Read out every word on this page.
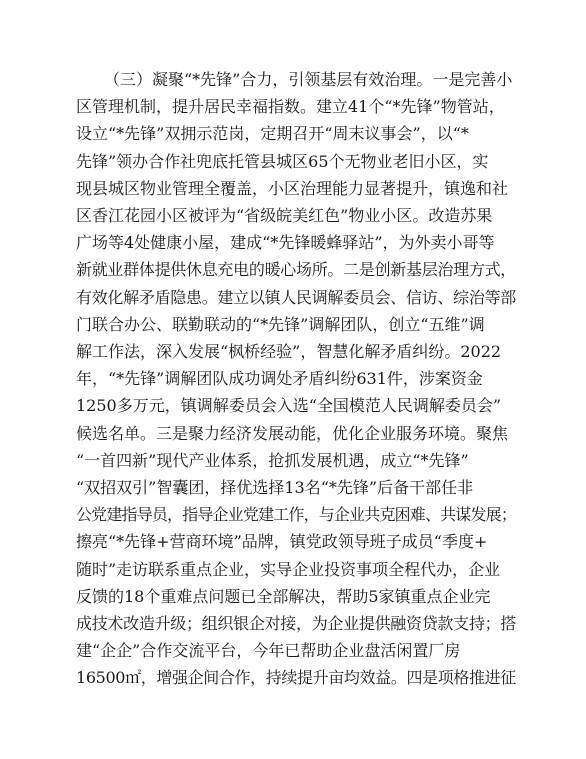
（三）凝聚“*先锋”合力，引领基层有效治理。一是完善小
区管理机制，提升居民幸福指数。建立41个“*先锋”物管站，
设立“*先锋”双拥示范岗，定期召开“周末议事会”，以“*
先锋”领办合作社兜底托管县城区65个无物业老旧小区，实
现县城区物业管理全覆盖，小区治理能力显著提升，镇逸和社
区香江花园小区被评为“省级皖美红色”物业小区。改造苏果
广场等4处健康小屋，建成“*先锋暖蜂驿站”，为外卖小哥等
新就业群体提供休息充电的暖心场所。二是创新基层治理方式，
有效化解矛盾隐患。建立以镇人民调解委员会、信访、综治等部
门联合办公、联勤联动的“*先锋”调解团队，创立“五维”调
解工作法，深入发展“枫桥经验”，智慧化解矛盾纠纷。2022
年，“*先锋”调解团队成功调处矛盾纠纷631件，涉案资金
1250多万元，镇调解委员会入选“全国模范人民调解委员会”
候选名单。三是聚力经济发展动能，优化企业服务环境。聚焦
“一首四新”现代产业体系，抢抓发展机遇，成立“*先锋”
“双招双引”智囊团，择优选择13名“*先锋”后备干部任非
公党建指导员，指导企业党建工作，与企业共克困难、共谋发展；
擦亮“*先锋+营商环境”品牌，镇党政领导班子成员“季度+
随时”走访联系重点企业，实导企业投资事项全程代办，企业
反馈的18个重难点问题已全部解决，帮助5家镇重点企业完
成技术改造升级；组织银企对接，为企业提供融资贷款支持；搭
建“企企”合作交流平台，今年已帮助企业盘活闲置厂房
16500㎡，增强企间合作，持续提升亩均效益。四是项格推进征
